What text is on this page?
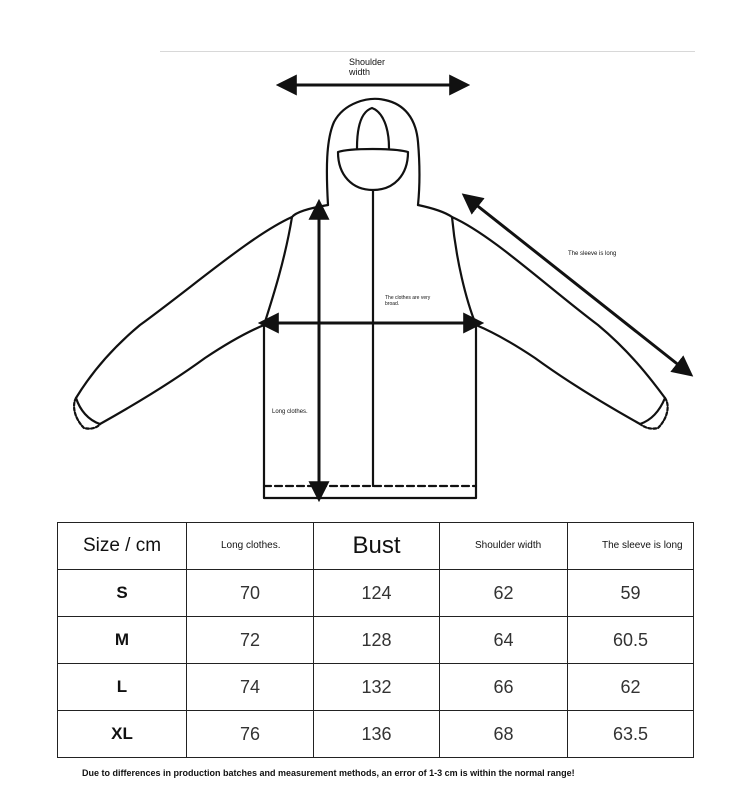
Shoulder width
The sleeve is long
The clothes are very broad.
Long clothes.
Size / cm	Long clothes.	Bust	Shoulder width	The sleeve is long
S	70	124	62	59
M	72	128	64	60.5
L	74	132	66	62
XL	76	136	68	63.5
Due to differences in production batches and measurement methods, an error of 1-3 cm is within the normal range!
